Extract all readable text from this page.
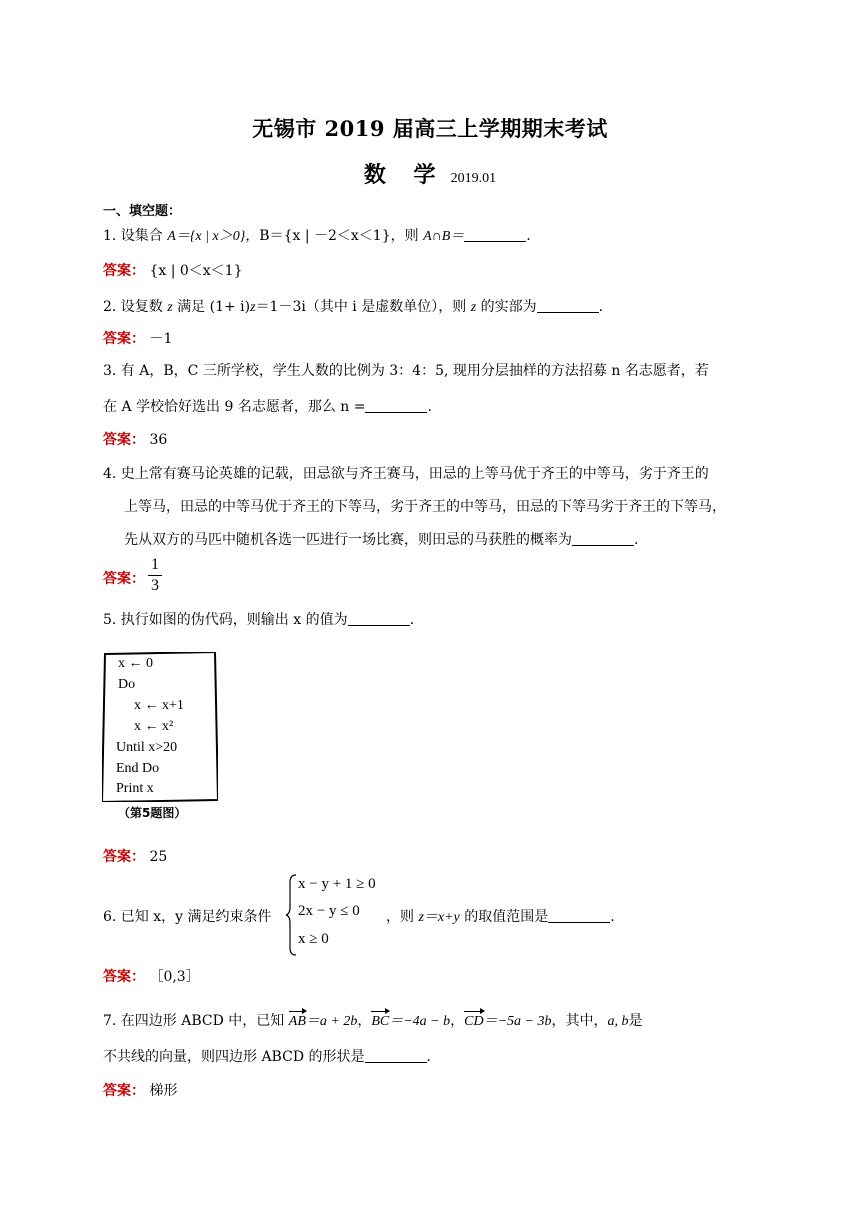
无锡市 2019 届高三上学期期末考试
数 学 2019.01
一、填空题：
1. 设集合 A＝{x | x＞0}，B＝{x | －2＜x＜1}，则 A∩B＝	.
答案： {x | 0＜x＜1}
2. 设复数 z 满足 (1+ i)z＝1－3i（其中 i 是虚数单位），则 z 的实部为	.
答案： －1
3. 有 A，B，C 三所学校，学生人数的比例为 3：4：5, 现用分层抽样的方法招募 n 名志愿者，若
在 A 学校恰好选出 9 名志愿者，那么 n =	.
答案： 36
4. 史上常有赛马论英雄的记载，田忌欲与齐王赛马，田忌的上等马优于齐王的中等马，劣于齐王的
上等马，田忌的中等马优于齐王的下等马，劣于齐王的中等马，田忌的下等马劣于齐王的下等马，
先从双方的马匹中随机各选一匹进行一场比赛，则田忌的马获胜的概率为	.
答案：
1
3
5. 执行如图的伪代码，则输出 x 的值为	.
x ← 0
Do
x ← x+1
x ← x²
Until x>20
End Do
Print x
（第5题图）
答案： 25
6. 已知 x，y 满足约束条件
x − y + 1 ≥ 0
2x − y ≤ 0
x ≥ 0
，则 z＝x+y 的取值范围是	.
答案： ［0,3］
7. 在四边形 ABCD 中，已知 AB＝a + 2b，BC＝−4a − b，CD＝−5a − 3b，其中，a, b是
不共线的向量，则四边形 ABCD 的形状是	.
答案： 梯形
